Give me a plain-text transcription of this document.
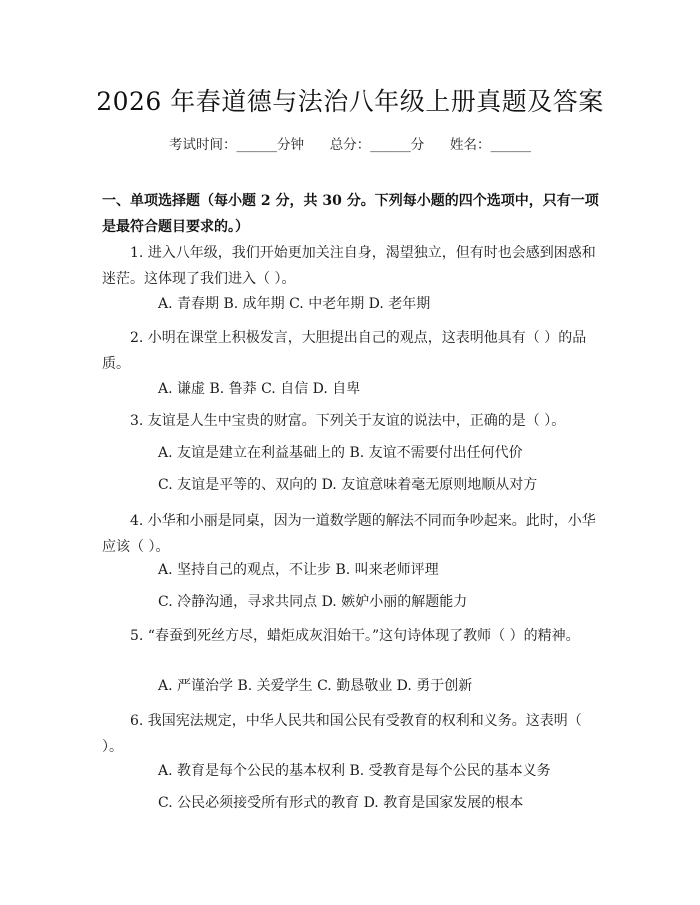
2026 年春道德与法治八年级上册真题及答案
考试时间：______分钟      总分：______分      姓名：______
一、单项选择题（每小题 2 分，共 30 分。下列每小题的四个选项中，只有一项是最符合题目要求的。）
1. 进入八年级，我们开始更加关注自身，渴望独立，但有时也会感到困惑和迷茫。这体现了我们进入（ ）。
A. 青春期 B. 成年期 C. 中老年期 D. 老年期
2. 小明在课堂上积极发言，大胆提出自己的观点，这表明他具有（ ）的品质。
A. 谦虚 B. 鲁莽 C. 自信 D. 自卑
3. 友谊是人生中宝贵的财富。下列关于友谊的说法中，正确的是（ ）。
A. 友谊是建立在利益基础上的 B. 友谊不需要付出任何代价
C. 友谊是平等的、双向的 D. 友谊意味着毫无原则地顺从对方
4. 小华和小丽是同桌，因为一道数学题的解法不同而争吵起来。此时，小华应该（ ）。
A. 坚持自己的观点，不让步 B. 叫来老师评理
C. 冷静沟通，寻求共同点 D. 嫉妒小丽的解题能力
5. “春蚕到死丝方尽，蜡炬成灰泪始干。”这句诗体现了教师（ ）的精神。
A. 严谨治学 B. 关爱学生 C. 勤恳敬业 D. 勇于创新
6. 我国宪法规定，中华人民共和国公民有受教育的权利和义务。这表明（ ）。
A. 教育是每个公民的基本权利 B. 受教育是每个公民的基本义务
C. 公民必须接受所有形式的教育 D. 教育是国家发展的根本
